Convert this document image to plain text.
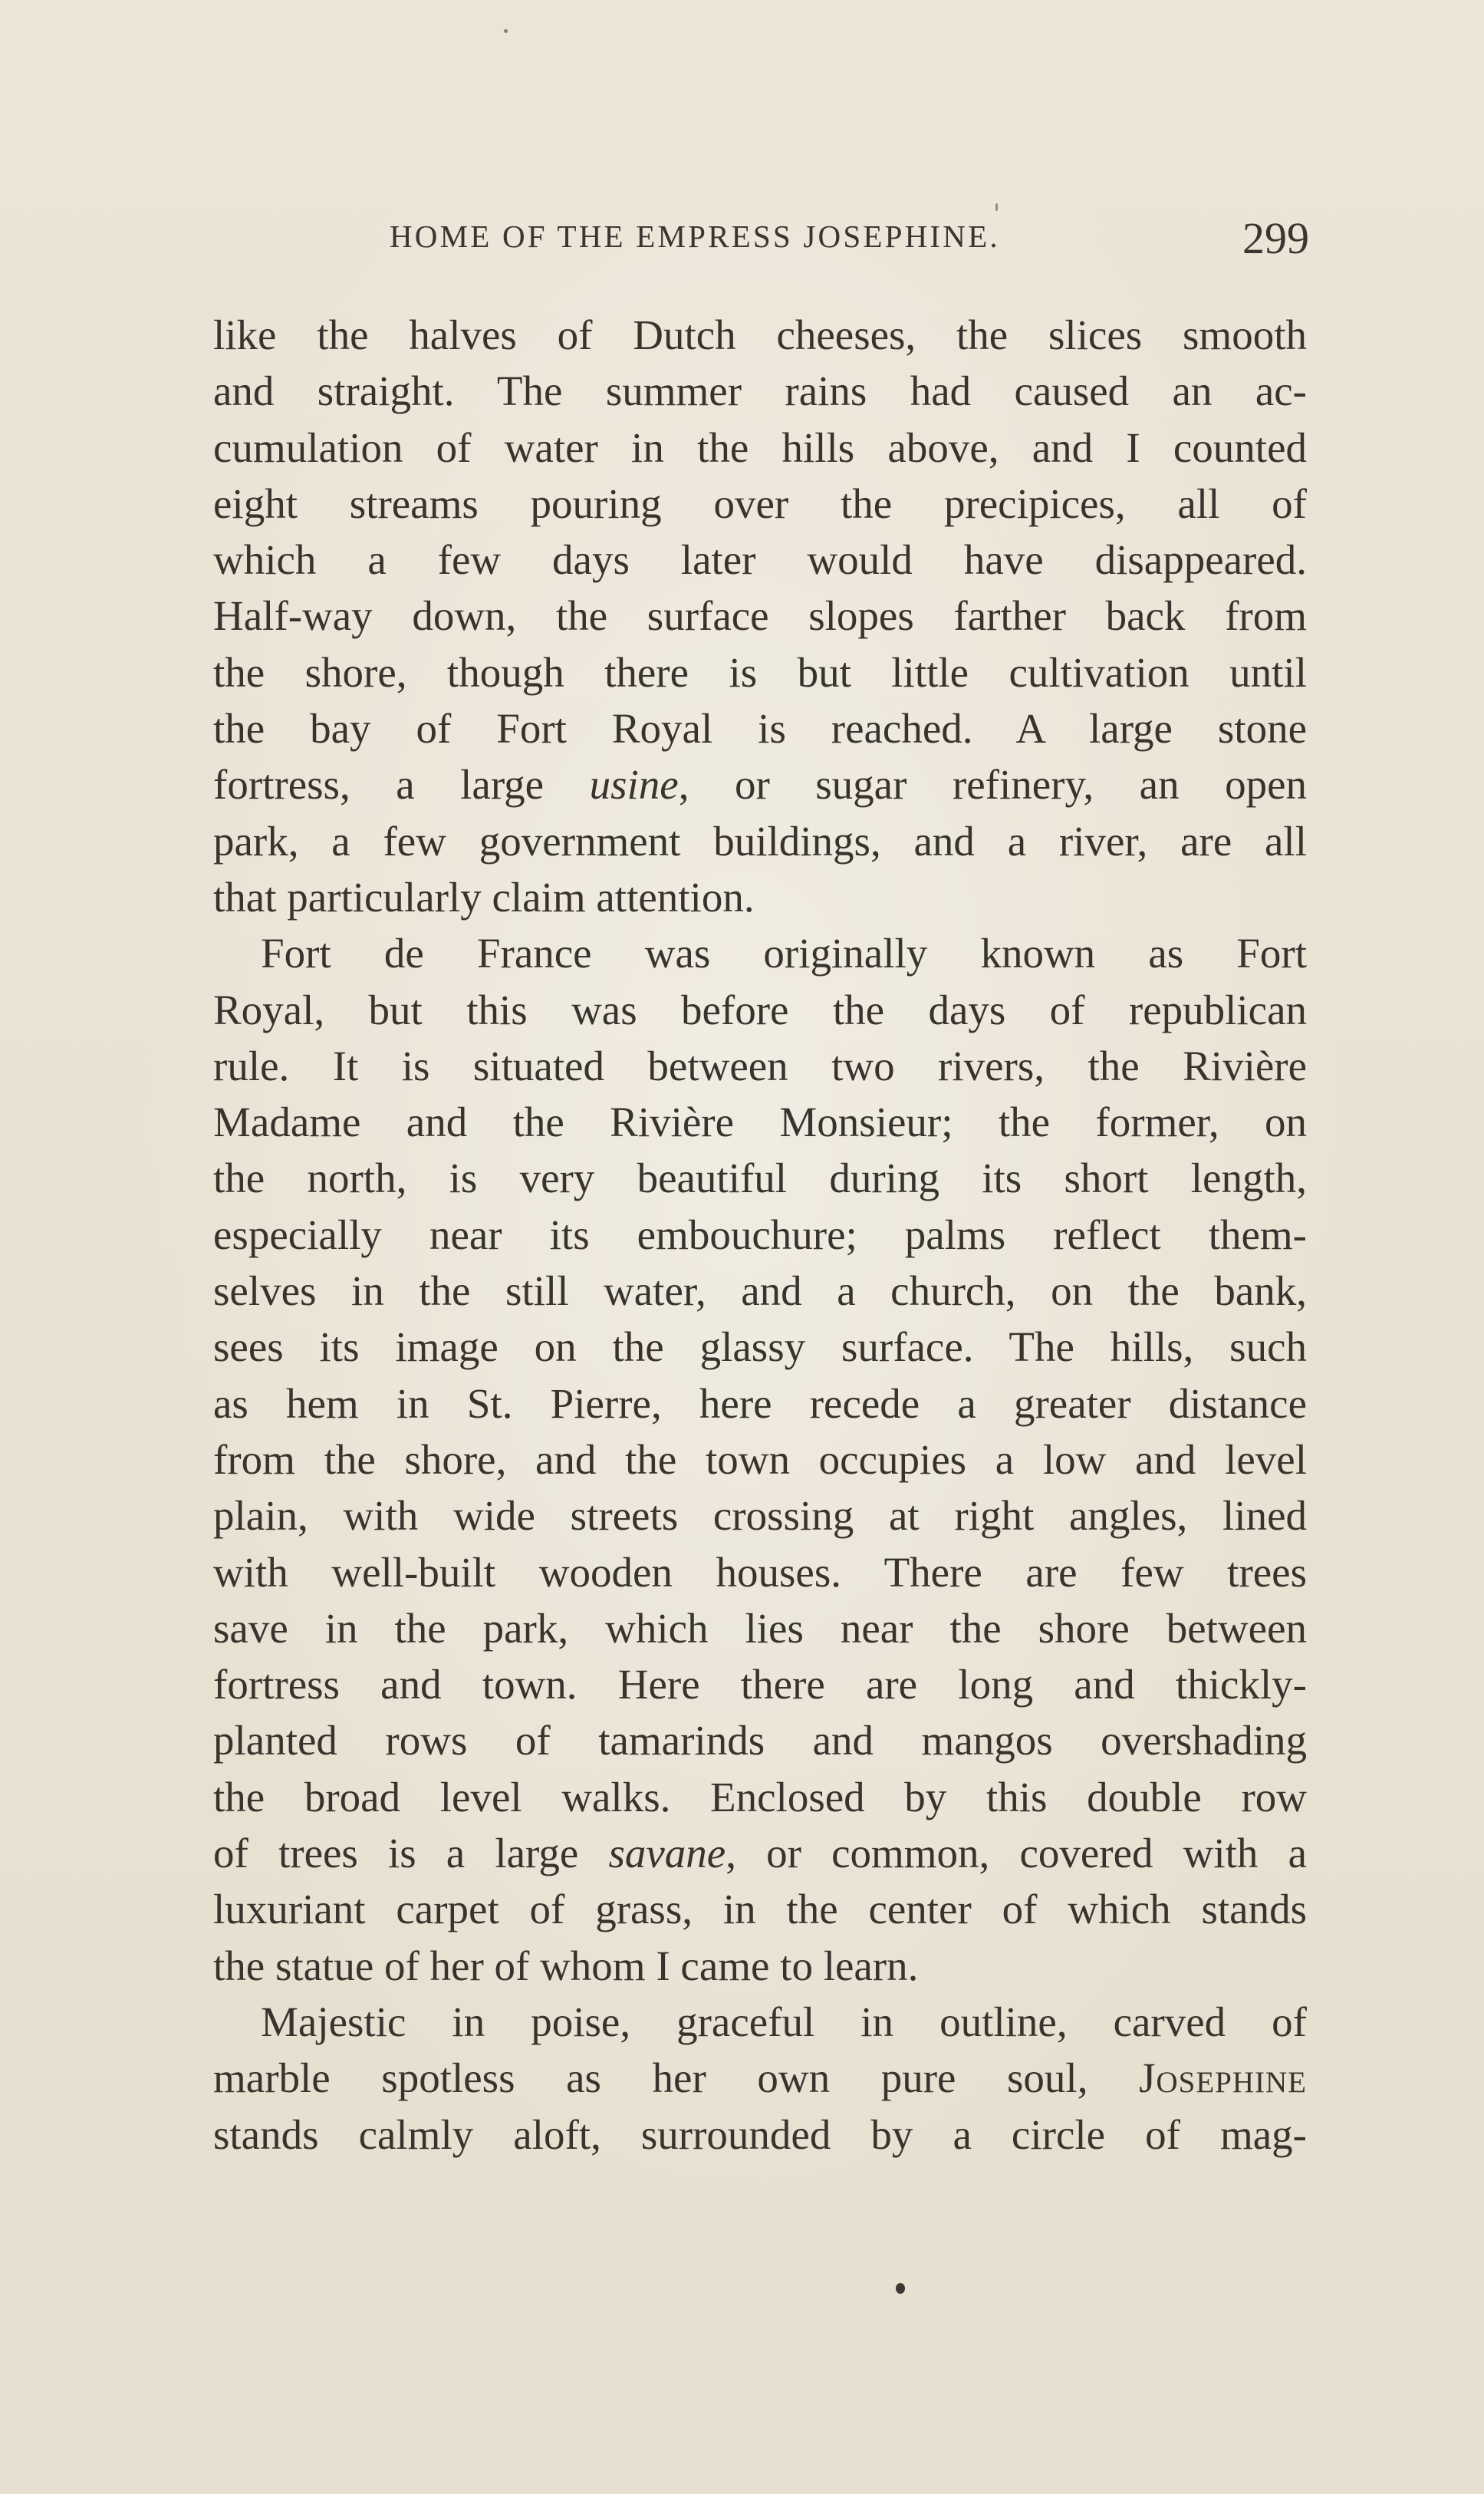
HOME OF THE EMPRESS JOSEPHINE.	299
like the halves of Dutch cheeses, the slices smooth
and straight. The summer rains had caused an ac-
cumulation of water in the hills above, and I counted
eight streams pouring over the precipices, all of
which a few days later would have disappeared.
Half-way down, the surface slopes farther back from
the shore, though there is but little cultivation until
the bay of Fort Royal is reached. A large stone
fortress, a large usine, or sugar refinery, an open
park, a few government buildings, and a river, are all
that particularly claim attention.
Fort de France was originally known as Fort
Royal, but this was before the days of republican
rule. It is situated between two rivers, the Rivière
Madame and the Rivière Monsieur; the former, on
the north, is very beautiful during its short length,
especially near its embouchure; palms reflect them-
selves in the still water, and a church, on the bank,
sees its image on the glassy surface. The hills, such
as hem in St. Pierre, here recede a greater distance
from the shore, and the town occupies a low and level
plain, with wide streets crossing at right angles, lined
with well-built wooden houses. There are few trees
save in the park, which lies near the shore between
fortress and town. Here there are long and thickly-
planted rows of tamarinds and mangos overshading
the broad level walks. Enclosed by this double row
of trees is a large savane, or common, covered with a
luxuriant carpet of grass, in the center of which stands
the statue of her of whom I came to learn.
Majestic in poise, graceful in outline, carved of
marble spotless as her own pure soul, Josephine
stands calmly aloft, surrounded by a circle of mag-
